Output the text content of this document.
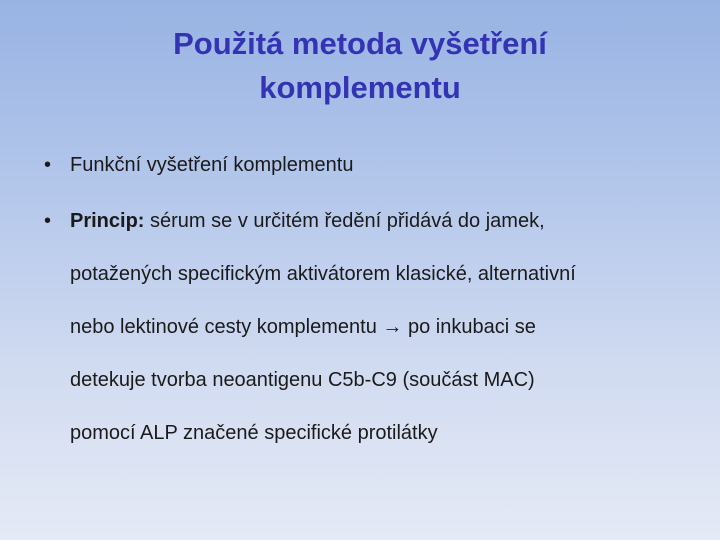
Použitá metoda vyšetření
komplementu
• Funkční vyšetření komplementu
• Princip: sérum se v určitém ředění přidává do jamek,
potažených specifickým aktivátorem klasické, alternativní
nebo lektinové cesty komplementu → po inkubaci se
detekuje tvorba neoantigenu C5b-C9 (součást MAC)
pomocí ALP značené specifické protilátky
